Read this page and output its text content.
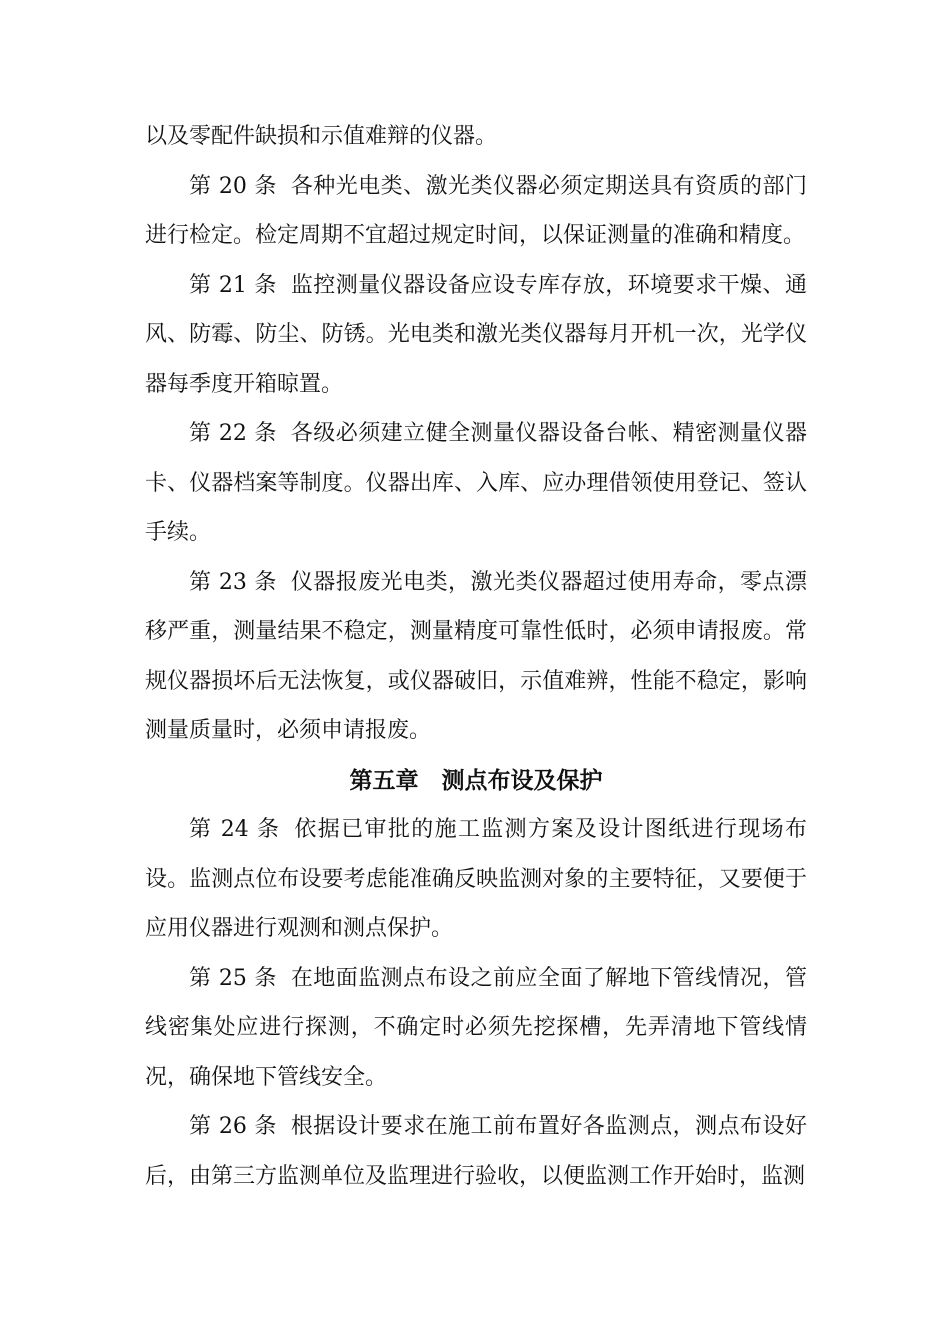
以及零配件缺损和示值难辩的仪器。

第 20 条 各种光电类、激光类仪器必须定期送具有资质的部门进行检定。检定周期不宜超过规定时间，以保证测量的准确和精度。

第 21 条 监控测量仪器设备应设专库存放，环境要求干燥、通风、防霉、防尘、防锈。光电类和激光类仪器每月开机一次，光学仪器每季度开箱晾置。

第 22 条 各级必须建立健全测量仪器设备台帐、精密测量仪器卡、仪器档案等制度。仪器出库、入库、应办理借领使用登记、签认手续。

第 23 条 仪器报废光电类，激光类仪器超过使用寿命，零点漂移严重，测量结果不稳定，测量精度可靠性低时，必须申请报废。常规仪器损坏后无法恢复，或仪器破旧，示值难辨，性能不稳定，影响测量质量时，必须申请报废。

第五章　测点布设及保护

第 24 条 依据已审批的施工监测方案及设计图纸进行现场布设。监测点位布设要考虑能准确反映监测对象的主要特征，又要便于应用仪器进行观测和测点保护。

第 25 条 在地面监测点布设之前应全面了解地下管线情况，管线密集处应进行探测，不确定时必须先挖探槽，先弄清地下管线情况，确保地下管线安全。

第 26 条 根据设计要求在施工前布置好各监测点，测点布设好后，由第三方监测单位及监理进行验收，以便监测工作开始时，监测
